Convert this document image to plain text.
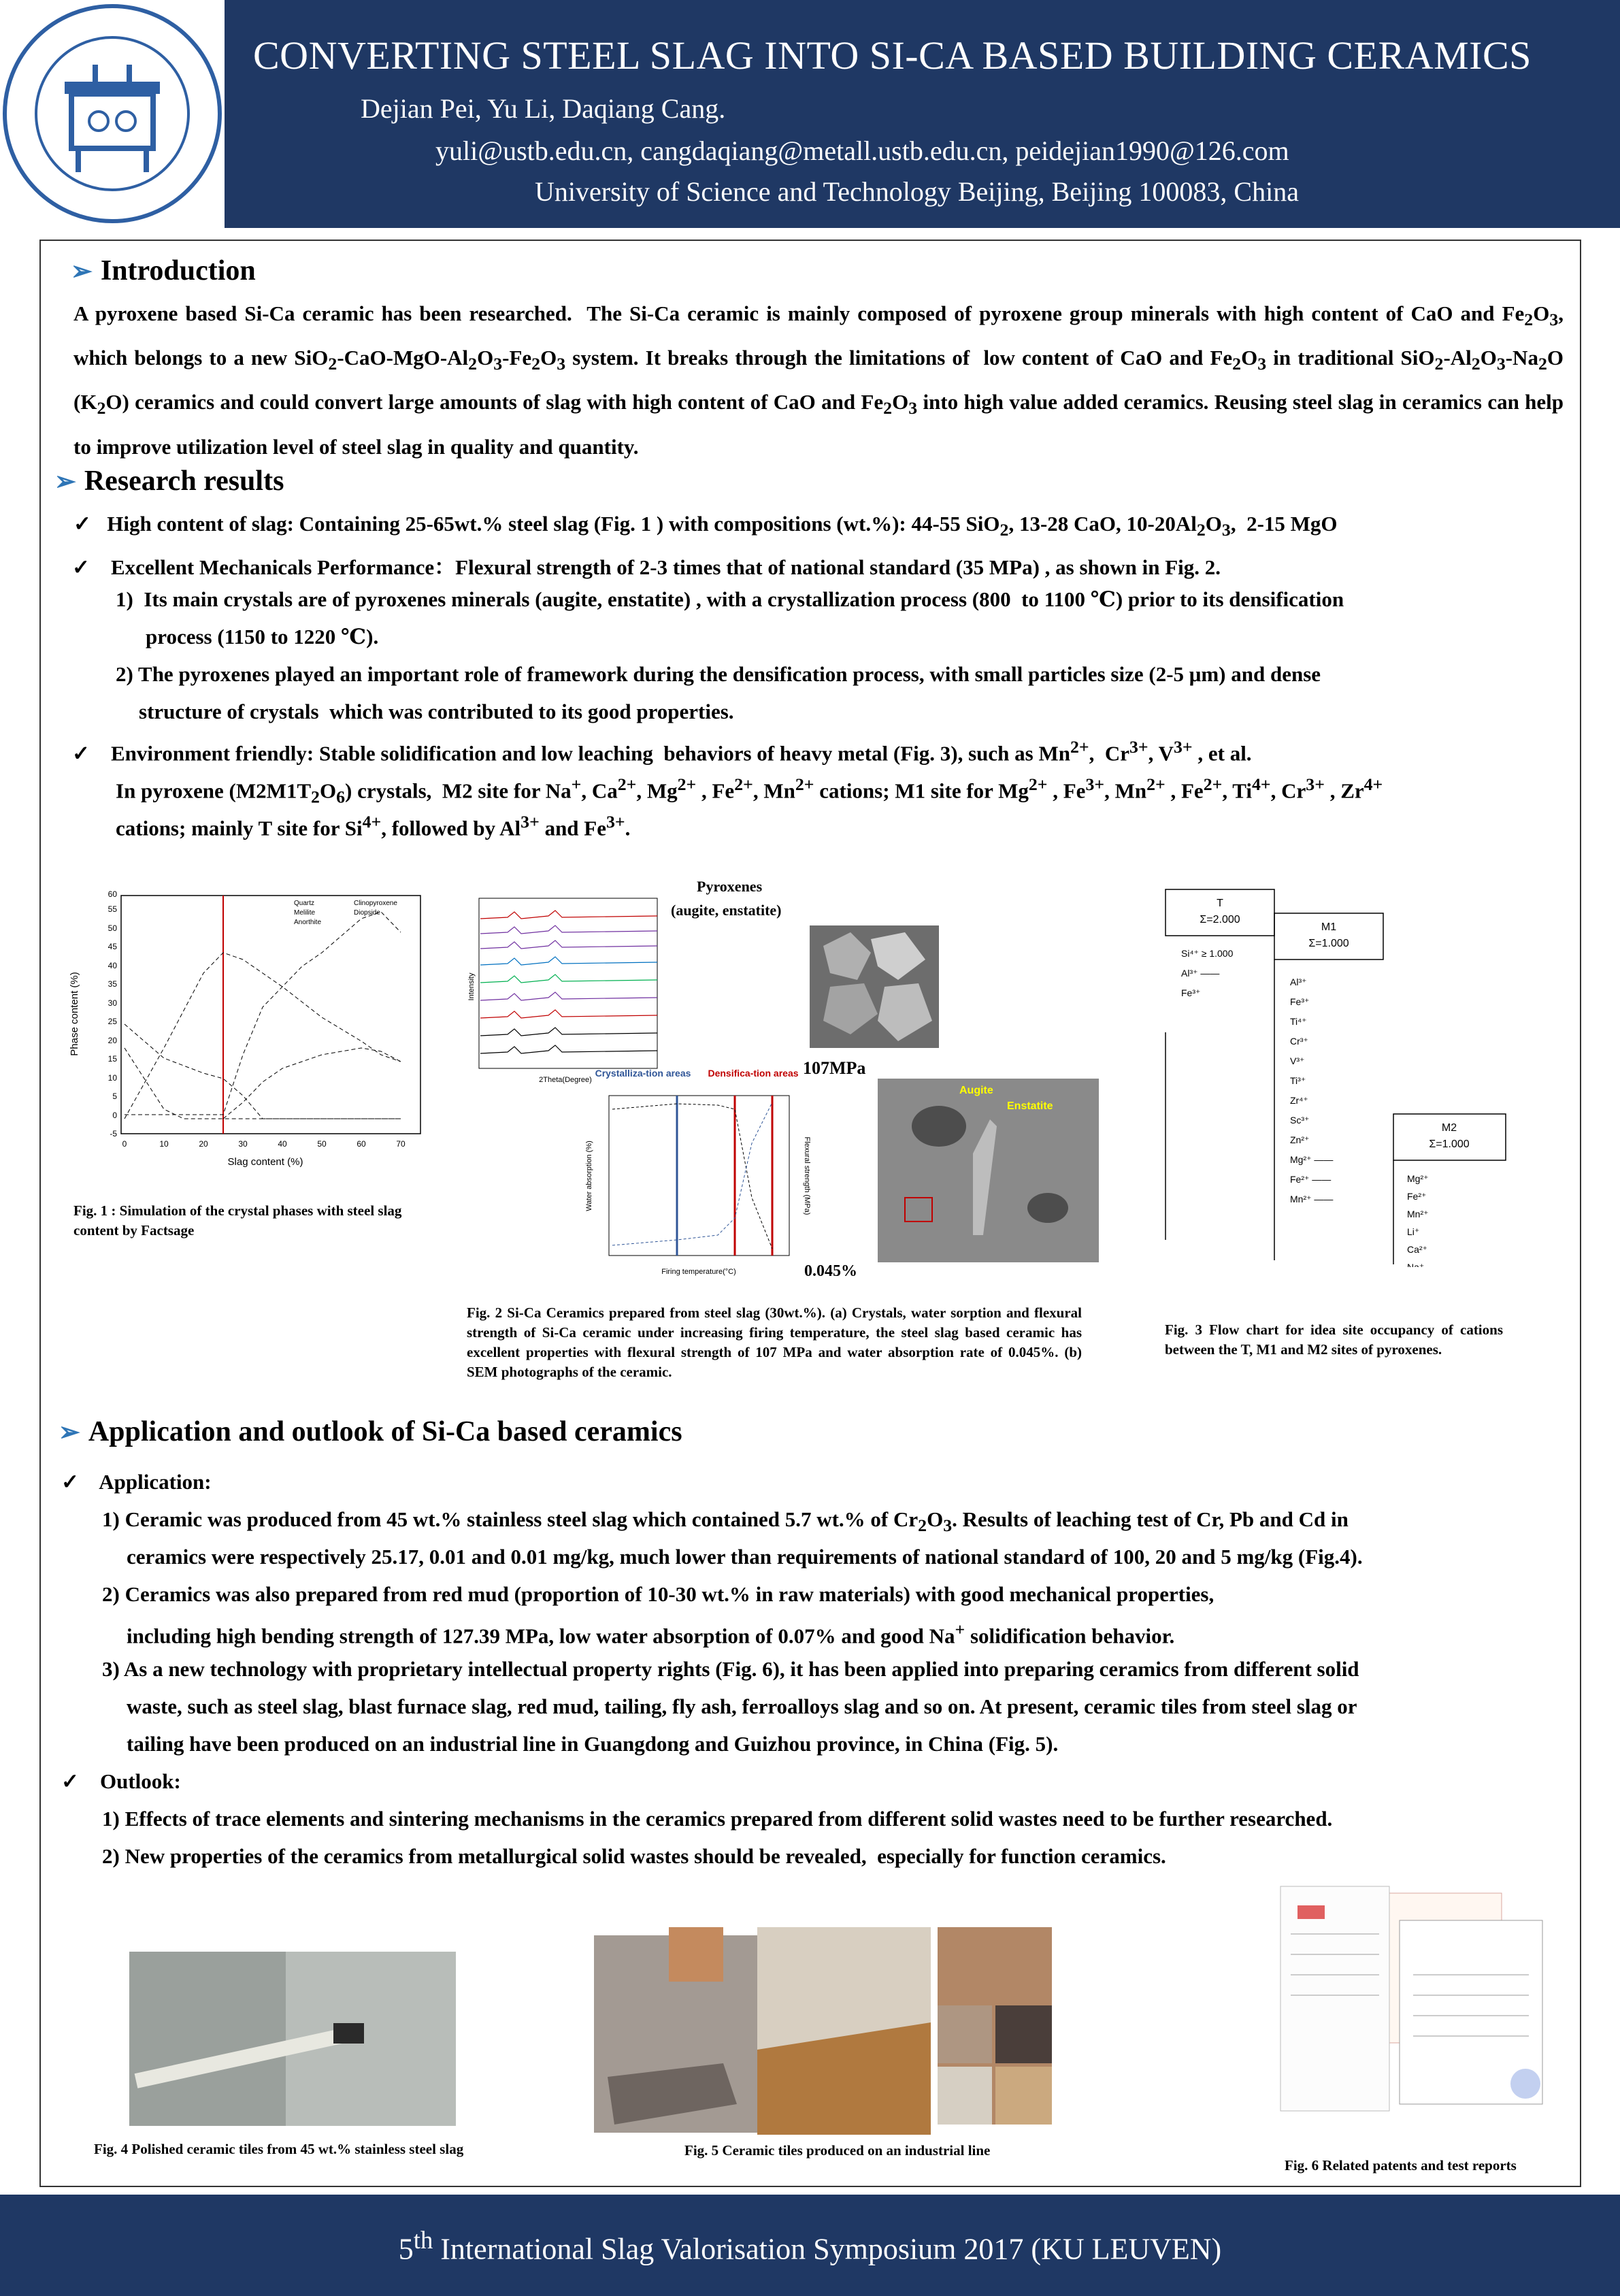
CONVERTING STEEL SLAG INTO SI-CA BASED BUILDING CERAMICS
Dejian Pei, Yu Li, Daqiang Cang.
yuli@ustb.edu.cn, cangdaqiang@metall.ustb.edu.cn, peidejian1990@126.com
University of Science and Technology Beijing, Beijing 100083, China
➢ Introduction
A pyroxene based Si-Ca ceramic has been researched.  The Si-Ca ceramic is mainly composed of pyroxene group minerals with high content of CaO and $Fe_2O_3$, which belongs to a new $SiO_2-CaO-MgO-Al_2O_3-Fe_2O_3$ system. It breaks through the limitations of  low content of CaO and $Fe_2O_3$ in traditional $SiO_2-Al_2O_3-Na_2O$ $(K_2O)$ ceramics and could convert large amounts of slag with high content of CaO and $Fe_2O_3$ into high value added ceramics. Reusing steel slag in ceramics can help to improve utilization level of steel slag in quality and quantity.
➢ Research results
✓   High content of slag: Containing 25-65wt.% steel slag (Fig. 1 ) with compositions (wt.%): 44-55 SiO$_2$, 13-28 CaO, $10-20Al_2O_3$,  2-15 MgO
✓    Excellent Mechanicals Performance：Flexural strength of 2-3 times that of national standard (35 MPa) , as shown in Fig. 2.
1)  Its main crystals are of pyroxenes minerals (augite, enstatite) , with a crystallization process (800  to 1100 ℃) prior to its densification
process (1150 to 1220 ℃).
2) The pyroxenes played an important role of framework during the densification process, with small particles size (2-5 μm) and dense
structure of crystals  which was contributed to its good properties.
✓    Environment friendly: Stable solidification and low leaching  behaviors of heavy metal (Fig. 3), such as $Mn^{2+}$,  $Cr^{3+}$, $V^{3+}$ , et al.
In pyroxene $(M2M1T_2O_6)$ crystals,  M2 site for Na+, $Ca^{2+}$, $Mg^{2+}$ , $Fe^{2+}$, $Mn^{2+}$ cations; M1 site for $Mg^{2+}$ , $Fe^{3+}$, $Mn^{2+}$ , $Fe^{2+}$, $Ti^{4+}$, $Cr^{3+}$ , $Zr^{4+}$
cations; mainly T site for $Si^{4+}$, followed by $Al^{3+}$ and $Fe^{3+}$.
-5
0
5
10
15
20
25
30
35
40
45
50
55
60
0	10	20	30	40	50	60	70
Slag content (%)
Phase content (%)
Quartz
Melilite
Anorthite
Clinopyroxene
Diopside
Fig. 1 : Simulation of the crystal phases with steel slag content by Factsage
2Theta(Degree)
Intensity
Pyroxenes
(augite, enstatite)
107MPa
Crystalliza-tion areas Densifica-tion areas
Firing temperature(°C)
Water absorption (%)	Flexural strength (MPa)
0.045%
Augite
Enstatite
Fig. 2 Si-Ca Ceramics prepared from steel slag (30wt.%). (a) Crystals, water sorption and flexural strength of Si-Ca ceramic under increasing firing temperature, the steel slag based ceramic has excellent properties with flexural strength of 107 MPa and water absorption rate of 0.045%. (b) SEM photographs of the ceramic.
T
Σ=2.000
M1
Σ=1.000
M2
Σ=1.000
Si⁴⁺ ≥ 1.000
Al³⁺ ——
Fe³⁺
Al³⁺
Fe³⁺
Ti⁴⁺
Cr³⁺
V³⁺
Ti³⁺
Zr⁴⁺
Sc³⁺
Zn²⁺
Mg²⁺ ——
Fe²⁺ ——
Mn²⁺ ——
Mg²⁺
Fe²⁺
Mn²⁺
Li⁺
Ca²⁺
Na⁺
Fig. 3 Flow chart for idea site occupancy of cations between the T, M1 and M2 sites of pyroxenes.
➢ Application and outlook of Si-Ca based ceramics
✓    Application:
1) Ceramic was produced from 45 wt.% stainless steel slag which contained 5.7 wt.% of $Cr_2O_3$. Results of leaching test of Cr, Pb and Cd in
ceramics were respectively 25.17, 0.01 and 0.01 mg/kg, much lower than requirements of national standard of 100, 20 and 5 mg/kg (Fig.4).
2) Ceramics was also prepared from red mud (proportion of 10-30 wt.% in raw materials) with good mechanical properties,
including high bending strength of 127.39 MPa, low water absorption of 0.07% and good Na+ solidification behavior.
3) As a new technology with proprietary intellectual property rights (Fig. 6), it has been applied into preparing ceramics from different solid
waste, such as steel slag, blast furnace slag, red mud, tailing, fly ash, ferroalloys slag and so on. At present, ceramic tiles from steel slag or
tailing have been produced on an industrial line in Guangdong and Guizhou province, in China (Fig. 5).
✓    Outlook:
1) Effects of trace elements and sintering mechanisms in the ceramics prepared from different solid wastes need to be further researched.
2) New properties of the ceramics from metallurgical solid wastes should be revealed,  especially for function ceramics.
Fig. 4 Polished ceramic tiles from 45 wt.% stainless steel slag	Fig. 5 Ceramic tiles produced on an industrial line
Fig. 6 Related patents and test reports
5th International Slag Valorisation Symposium 2017 (KU LEUVEN)
